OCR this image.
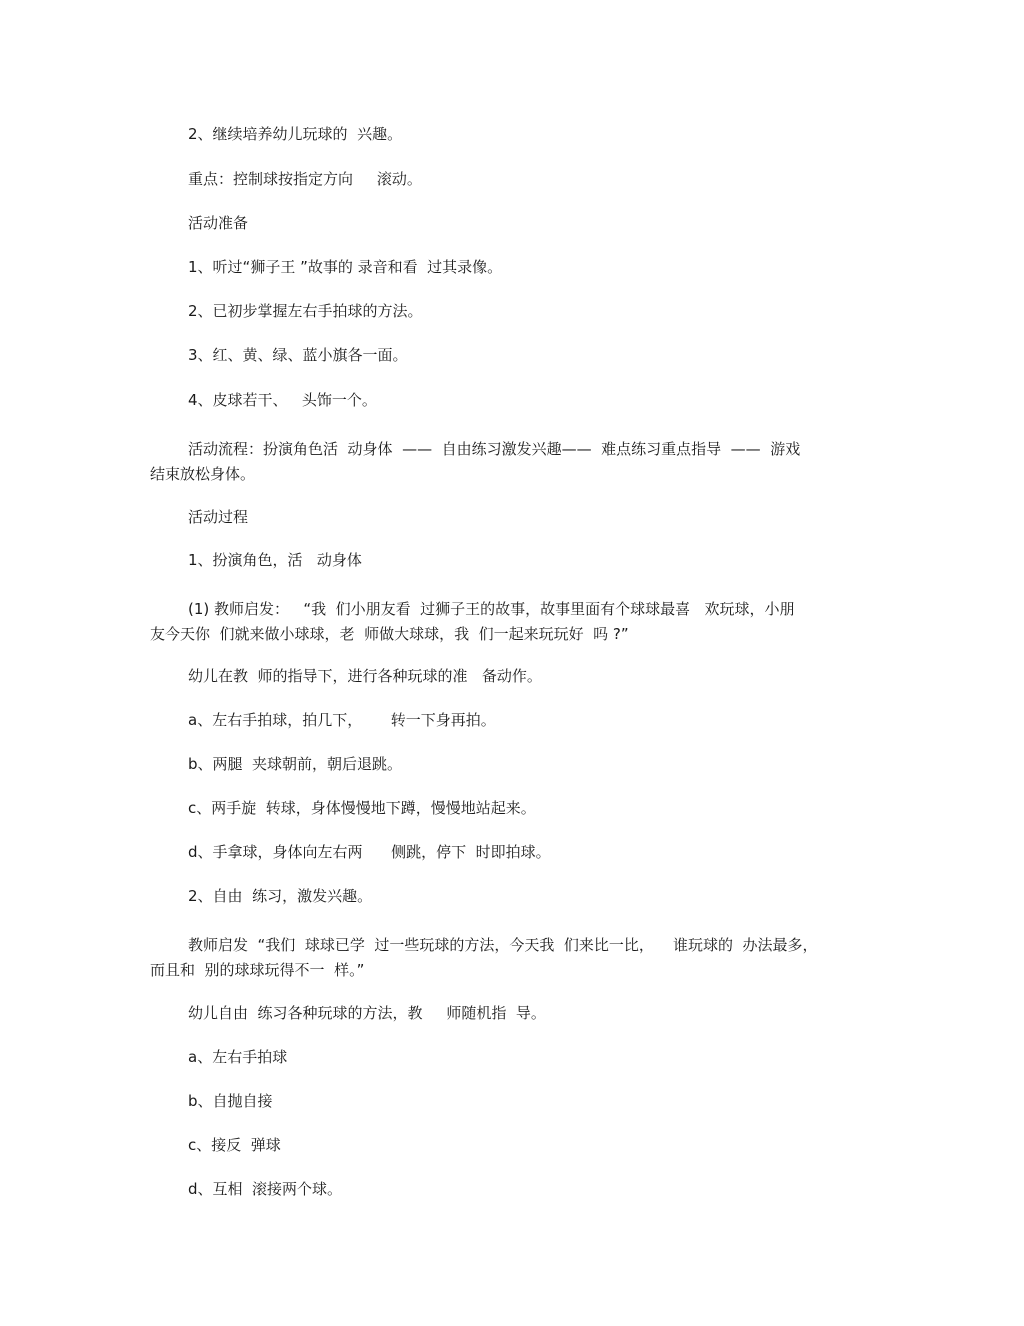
2、继续培养幼儿玩球的  兴趣。

重点：控制球按指定方向     滚动。

活动准备

1、听过“狮子王 ”故事的 录音和看  过其录像。

2、已初步掌握左右手拍球的方法。

3、红、黄、绿、蓝小旗各一面。

4、皮球若干、   头饰一个。

活动流程：扮演角色活  动身体  ——  自由练习激发兴趣——  难点练习重点指导  ——  游戏
结束放松身体。

活动过程

1、扮演角色，活   动身体

(1) 教师启发：   “我  们小朋友看  过狮子王的故事，故事里面有个球球最喜   欢玩球，小朋
友今天你  们就来做小球球，老  师做大球球，我  们一起来玩玩好  吗 ?”

幼儿在教  师的指导下，进行各种玩球的准   备动作。

a、左右手拍球，拍几下，      转一下身再拍。

b、两腿  夹球朝前，朝后退跳。

c、两手旋  转球，身体慢慢地下蹲，慢慢地站起来。

d、手拿球，身体向左右两      侧跳，停下  时即拍球。

2、自由  练习，激发兴趣。

教师启发  “我们  球球已学  过一些玩球的方法，今天我  们来比一比，    谁玩球的  办法最多，
而且和  别的球球玩得不一  样。”

幼儿自由  练习各种玩球的方法，教     师随机指  导。

a、左右手拍球

b、自抛自接

c、接反  弹球

d、互相  滚接两个球。
